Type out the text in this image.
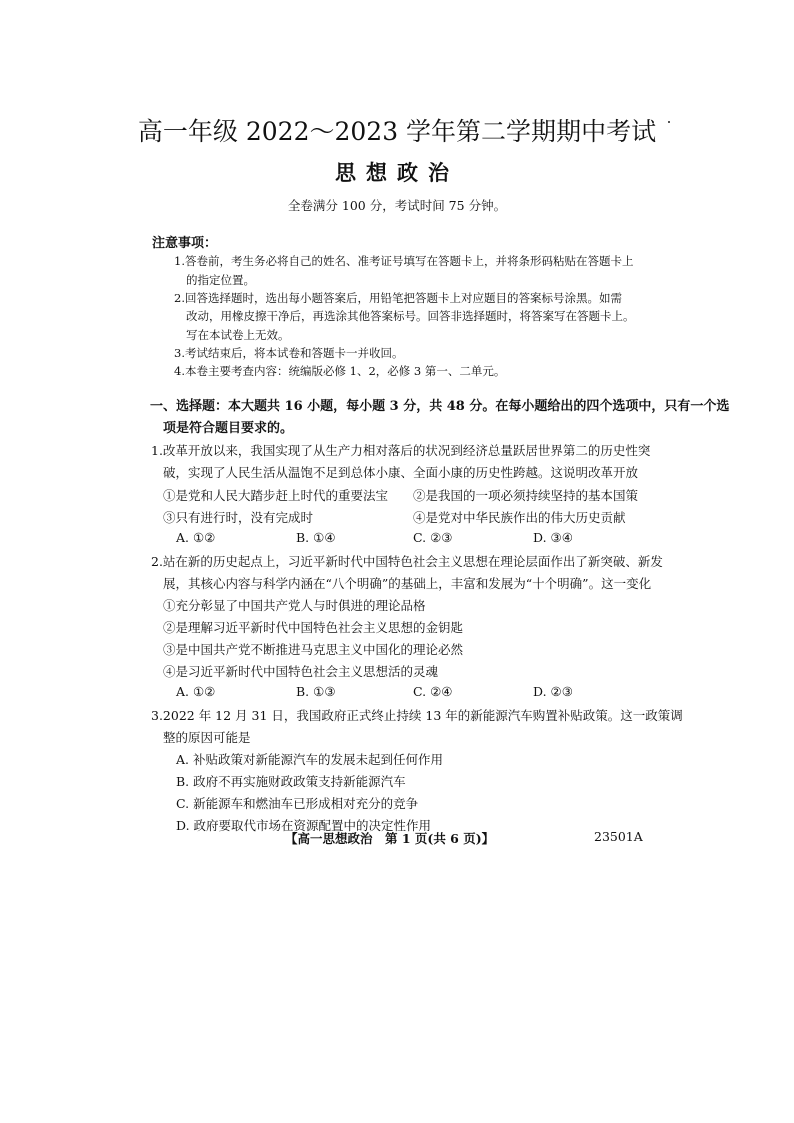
高一年级 2022～2023 学年第二学期期中考试
思想政治
全卷满分 100 分，考试时间 75 分钟。
注意事项：
1.答卷前，考生务必将自己的姓名、准考证号填写在答题卡上，并将条形码粘贴在答题卡上
的指定位置。
2.回答选择题时，选出每小题答案后，用铅笔把答题卡上对应题目的答案标号涂黑。如需
改动，用橡皮擦干净后，再选涂其他答案标号。回答非选择题时，将答案写在答题卡上。
写在本试卷上无效。
3.考试结束后，将本试卷和答题卡一并收回。
4.本卷主要考查内容：统编版必修 1、2，必修 3 第一、二单元。
一、选择题：本大题共 16 小题，每小题 3 分，共 48 分。在每小题给出的四个选项中，只有一个选
项是符合题目要求的。
1.改革开放以来，我国实现了从生产力相对落后的状况到经济总量跃居世界第二的历史性突
破，实现了人民生活从温饱不足到总体小康、全面小康的历史性跨越。这说明改革开放
①是党和人民大踏步赶上时代的重要法宝 ②是我国的一项必须持续坚持的基本国策
③只有进行时，没有完成时	④是党对中华民族作出的伟大历史贡献
A. ①②	B. ①④	C. ②③	D. ③④
2.站在新的历史起点上，习近平新时代中国特色社会主义思想在理论层面作出了新突破、新发
展，其核心内容与科学内涵在“八个明确”的基础上，丰富和发展为“十个明确”。这一变化
①充分彰显了中国共产党人与时俱进的理论品格
②是理解习近平新时代中国特色社会主义思想的金钥匙
③是中国共产党不断推进马克思主义中国化的理论必然
④是习近平新时代中国特色社会主义思想活的灵魂
A. ①②	B. ①③	C. ②④	D. ②③
3.2022 年 12 月 31 日，我国政府正式终止持续 13 年的新能源汽车购置补贴政策。这一政策调
整的原因可能是
A. 补贴政策对新能源汽车的发展未起到任何作用
B. 政府不再实施财政政策支持新能源汽车
C. 新能源车和燃油车已形成相对充分的竞争
D. 政府要取代市场在资源配置中的决定性作用
【高一思想政治　第 1 页(共 6 页)】	23501A
